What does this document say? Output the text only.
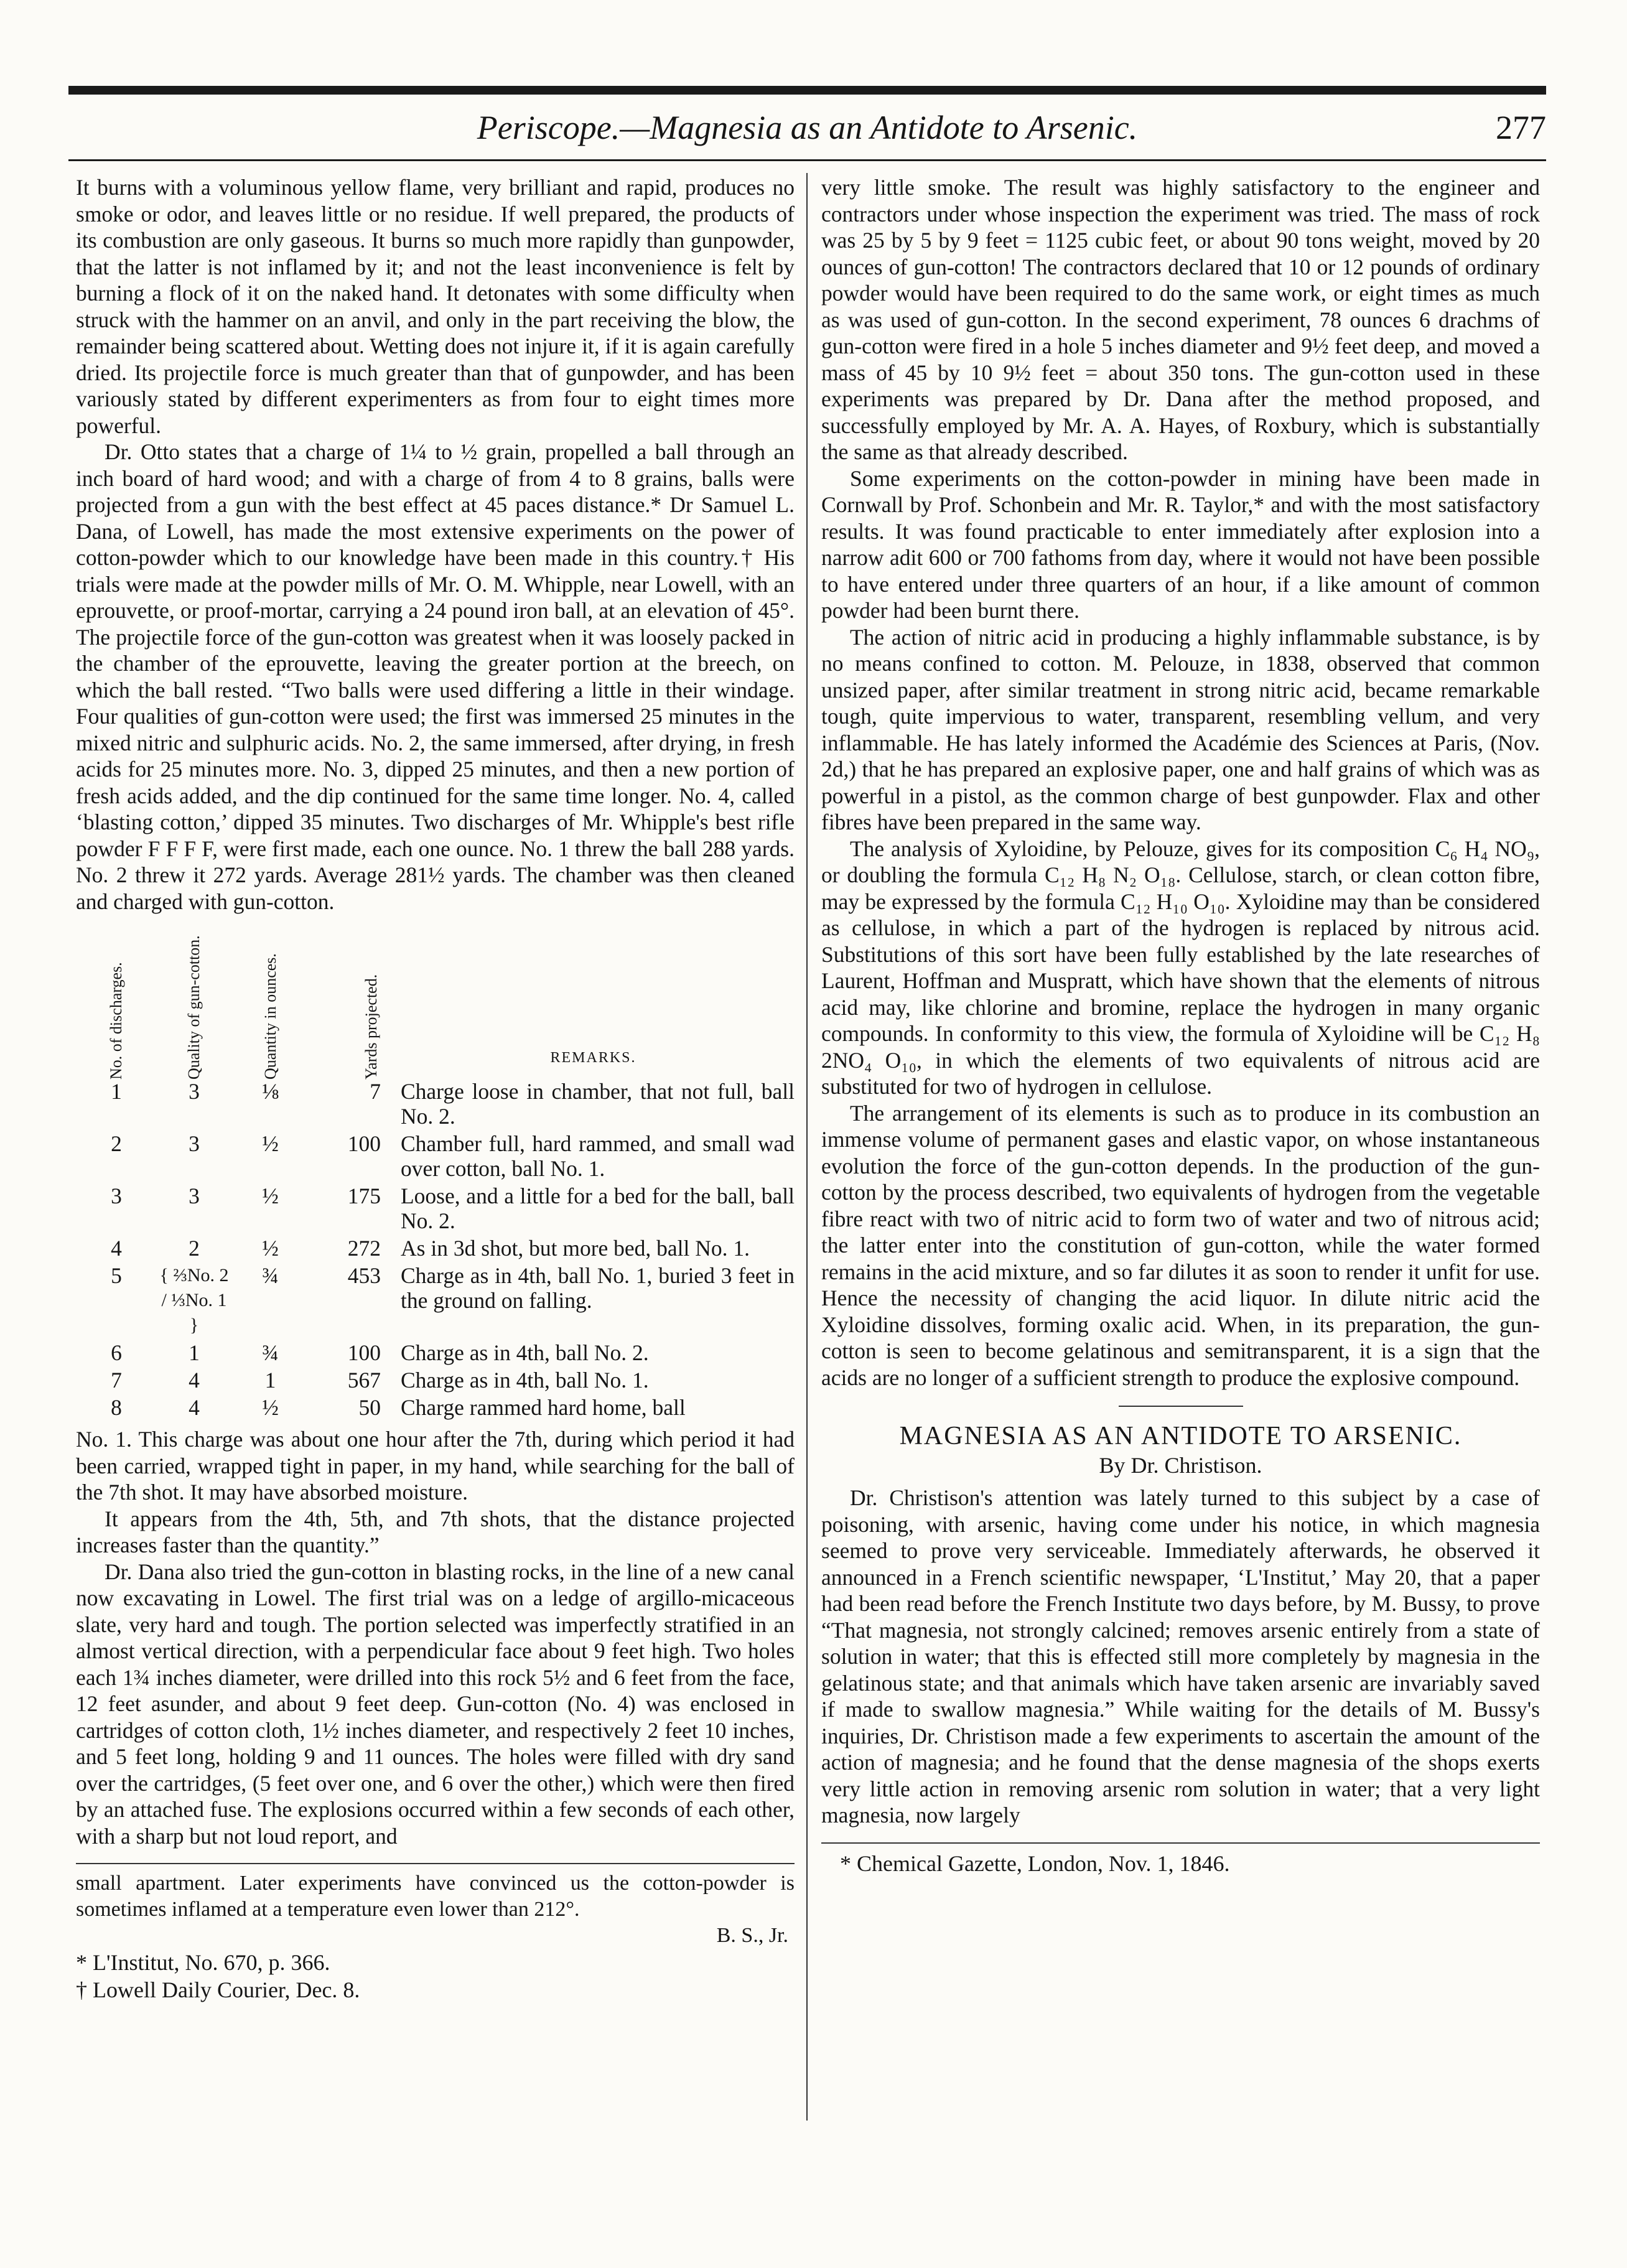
Periscope.—Magnesia as an Antidote to Arsenic.	277

It burns with a voluminous yellow flame, very brilliant and rapid, produces no smoke or odor, and leaves little or no residue. If well prepared, the products of its combustion are only gaseous. It burns so much more rapidly than gunpowder, that the latter is not inflamed by it; and not the least inconvenience is felt by burning a flock of it on the naked hand. It detonates with some difficulty when struck with the hammer on an anvil, and only in the part receiving the blow, the remainder being scattered about. Wetting does not injure it, if it is again carefully dried. Its projectile force is much greater than that of gunpowder, and has been variously stated by different experimenters as from four to eight times more powerful.

Dr. Otto states that a charge of 1¼ to ½ grain, propelled a ball through an inch board of hard wood; and with a charge of from 4 to 8 grains, balls were projected from a gun with the best effect at 45 paces distance.* Dr Samuel L. Dana, of Lowell, has made the most extensive experiments on the power of cotton-powder which to our knowledge have been made in this country.† His trials were made at the powder mills of Mr. O. M. Whipple, near Lowell, with an eprouvette, or proof-mortar, carrying a 24 pound iron ball, at an elevation of 45°. The projectile force of the gun-cotton was greatest when it was loosely packed in the chamber of the eprouvette, leaving the greater portion at the breech, on which the ball rested. “Two balls were used differing a little in their windage. Four qualities of gun-cotton were used; the first was immersed 25 minutes in the mixed nitric and sulphuric acids. No. 2, the same immersed, after drying, in fresh acids for 25 minutes more. No. 3, dipped 25 minutes, and then a new portion of fresh acids added, and the dip continued for the same time longer. No. 4, called ‘blasting cotton,’ dipped 35 minutes. Two discharges of Mr. Whipple's best rifle powder F F F F, were first made, each one ounce. No. 1 threw the ball 288 yards. No. 2 threw it 272 yards. Average 281½ yards. The chamber was then cleaned and charged with gun-cotton.

No. of discharges.	Quality of gun-cotton.	Quantity in ounces.	Yards projected.	REMARKS.
1	3	⅛	7	Charge loose in chamber, that not full, ball No. 2.
2	3	½	100	Chamber full, hard rammed, and small wad over cotton, ball No. 1.
3	3	½	175	Loose, and a little for a bed for the ball, ball No. 2.
4	2	½	272	As in 3d shot, but more bed, ball No. 1.
5	{ ⅔No. 2 / ⅓No. 1 }	¾	453	Charge as in 4th, ball No. 1, buried 3 feet in the ground on falling.
6	1	¾	100	Charge as in 4th, ball No. 2.
7	4	1	567	Charge as in 4th, ball No. 1.
8	4	½	50	Charge rammed hard home, ball

No. 1. This charge was about one hour after the 7th, during which period it had been carried, wrapped tight in paper, in my hand, while searching for the ball of the 7th shot. It may have absorbed moisture.

It appears from the 4th, 5th, and 7th shots, that the distance projected increases faster than the quantity.”

Dr. Dana also tried the gun-cotton in blasting rocks, in the line of a new canal now excavating in Lowel. The first trial was on a ledge of argillo-micaceous slate, very hard and tough. The portion selected was imperfectly stratified in an almost vertical direction, with a perpendicular face about 9 feet high. Two holes each 1¾ inches diameter, were drilled into this rock 5½ and 6 feet from the face, 12 feet asunder, and about 9 feet deep. Gun-cotton (No. 4) was enclosed in cartridges of cotton cloth, 1½ inches diameter, and respectively 2 feet 10 inches, and 5 feet long, holding 9 and 11 ounces. The holes were filled with dry sand over the cartridges, (5 feet over one, and 6 over the other,) which were then fired by an attached fuse. The explosions occurred within a few seconds of each other, with a sharp but not loud report, and

small apartment. Later experiments have convinced us the cotton-powder is sometimes inflamed at a temperature even lower than 212°.

B. S., Jr.

* L'Institut, No. 670, p. 366.

† Lowell Daily Courier, Dec. 8.

very little smoke. The result was highly satisfactory to the engineer and contractors under whose inspection the experiment was tried. The mass of rock was 25 by 5 by 9 feet = 1125 cubic feet, or about 90 tons weight, moved by 20 ounces of gun-cotton! The contractors declared that 10 or 12 pounds of ordinary powder would have been required to do the same work, or eight times as much as was used of gun-cotton. In the second experiment, 78 ounces 6 drachms of gun-cotton were fired in a hole 5 inches diameter and 9½ feet deep, and moved a mass of 45 by 10 9½ feet = about 350 tons. The gun-cotton used in these experiments was prepared by Dr. Dana after the method proposed, and successfully employed by Mr. A. A. Hayes, of Roxbury, which is substantially the same as that already described.

Some experiments on the cotton-powder in mining have been made in Cornwall by Prof. Schonbein and Mr. R. Taylor,* and with the most satisfactory results. It was found practicable to enter immediately after explosion into a narrow adit 600 or 700 fathoms from day, where it would not have been possible to have entered under three quarters of an hour, if a like amount of common powder had been burnt there.

The action of nitric acid in producing a highly inflammable substance, is by no means confined to cotton. M. Pelouze, in 1838, observed that common unsized paper, after similar treatment in strong nitric acid, became remarkable tough, quite impervious to water, transparent, resembling vellum, and very inflammable. He has lately informed the Académie des Sciences at Paris, (Nov. 2d,) that he has prepared an explosive paper, one and half grains of which was as powerful in a pistol, as the common charge of best gunpowder. Flax and other fibres have been prepared in the same way.

The analysis of Xyloidine, by Pelouze, gives for its composition C₆ H₄ NO₉, or doubling the formula C₁₂ H₈ N₂ O₁₈. Cellulose, starch, or clean cotton fibre, may be expressed by the formula C₁₂ H₁₀ O₁₀. Xyloidine may than be considered as cellulose, in which a part of the hydrogen is replaced by nitrous acid. Substitutions of this sort have been fully established by the late researches of Laurent, Hoffman and Muspratt, which have shown that the elements of nitrous acid may, like chlorine and bromine, replace the hydrogen in many organic compounds. In conformity to this view, the formula of Xyloidine will be C₁₂ H₈ 2NO₄ O₁₀, in which the elements of two equivalents of nitrous acid are substituted for two of hydrogen in cellulose.

The arrangement of its elements is such as to produce in its combustion an immense volume of permanent gases and elastic vapor, on whose instantaneous evolution the force of the gun-cotton depends. In the production of the gun-cotton by the process described, two equivalents of hydrogen from the vegetable fibre react with two of nitric acid to form two of water and two of nitrous acid; the latter enter into the constitution of gun-cotton, while the water formed remains in the acid mixture, and so far dilutes it as soon to render it unfit for use. Hence the necessity of changing the acid liquor. In dilute nitric acid the Xyloidine dissolves, forming oxalic acid. When, in its preparation, the gun-cotton is seen to become gelatinous and semitransparent, it is a sign that the acids are no longer of a sufficient strength to produce the explosive compound.

MAGNESIA AS AN ANTIDOTE TO ARSENIC.
By Dr. Christison.

Dr. Christison's attention was lately turned to this subject by a case of poisoning, with arsenic, having come under his notice, in which magnesia seemed to prove very serviceable. Immediately afterwards, he observed it announced in a French scientific newspaper, ‘L'Institut,’ May 20, that a paper had been read before the French Institute two days before, by M. Bussy, to prove “That magnesia, not strongly calcined; removes arsenic entirely from a state of solution in water; that this is effected still more completely by magnesia in the gelatinous state; and that animals which have taken arsenic are invariably saved if made to swallow magnesia.” While waiting for the details of M. Bussy's inquiries, Dr. Christison made a few experiments to ascertain the amount of the action of magnesia; and he found that the dense magnesia of the shops exerts very little action in removing arsenic rom solution in water; that a very light magnesia, now largely

* Chemical Gazette, London, Nov. 1, 1846.
